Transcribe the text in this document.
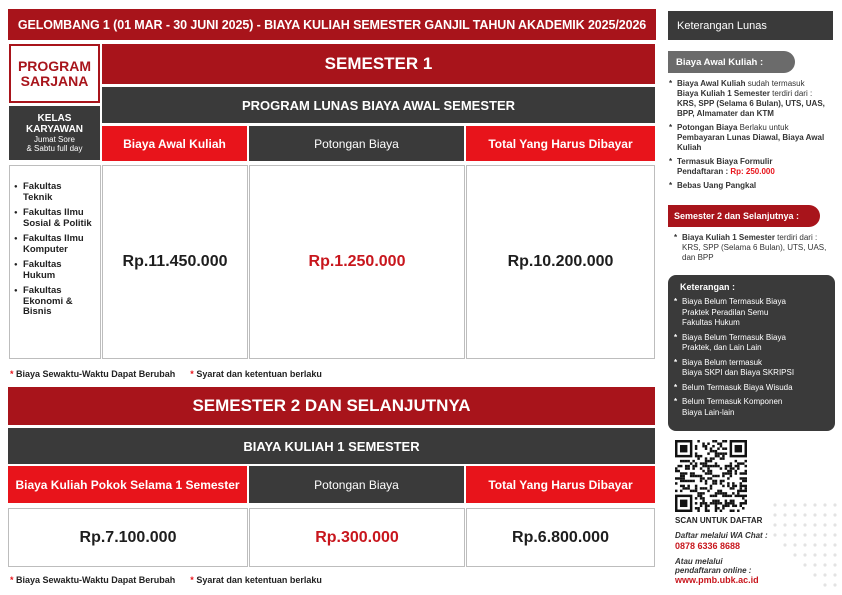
GELOMBANG 1 (01 MAR - 30 JUNI 2025) - BIAYA KULIAH SEMESTER GANJIL TAHUN AKADEMIK 2025/2026
PROGRAM
SARJANA
KELAS
KARYAWAN
Jumat Sore
& Sabtu full day
SEMESTER 1
PROGRAM LUNAS BIAYA AWAL SEMESTER
Biaya Awal Kuliah	Potongan Biaya	Total Yang Harus Dibayar
● Fakultas
Teknik
● Fakultas Ilmu
Sosial & Politik
● Fakultas Ilmu
Komputer
● Fakultas
Hukum
● Fakultas
Ekonomi &
Bisnis
Rp.11.450.000	Rp.1.250.000	Rp.10.200.000
* Biaya Sewaktu-Waktu Dapat Berubah * Syarat dan ketentuan berlaku
SEMESTER 2 DAN SELANJUTNYA
BIAYA KULIAH 1 SEMESTER
Biaya Kuliah Pokok Selama 1 Semester	Potongan Biaya	Total Yang Harus Dibayar
Rp.7.100.000	Rp.300.000	Rp.6.800.000
* Biaya Sewaktu-Waktu Dapat Berubah * Syarat dan ketentuan berlaku
Keterangan Lunas
Biaya Awal Kuliah :
* Biaya Awal Kuliah sudah termasuk
Biaya Kuliah 1 Semester terdiri dari :
KRS, SPP (Selama 6 Bulan), UTS, UAS, BPP, Almamater dan KTM
* Potongan Biaya Berlaku untuk
Pembayaran Lunas Diawal, Biaya Awal Kuliah
* Termasuk Biaya Formulir
Pendaftaran : Rp: 250.000
* Bebas Uang Pangkal
Semester 2 dan Selanjutnya :
* Biaya Kuliah 1 Semester terdiri dari :
KRS, SPP (Selama 6 Bulan), UTS, UAS, dan BPP
Keterangan :
* Biaya Belum Termasuk Biaya
Praktek Peradilan Semu
Fakultas Hukum
* Biaya Belum Termasuk Biaya
Praktek, dan Lain Lain
* Biaya Belum termasuk
Biaya SKPI dan Biaya SKRIPSI
* Belum Termasuk Biaya Wisuda
* Belum Termasuk Komponen
Biaya Lain-lain
SCAN UNTUK DAFTAR
Daftar melalui WA Chat :
0878 6336 8688
Atau melalui
pendaftaran online :
www.pmb.ubk.ac.id
